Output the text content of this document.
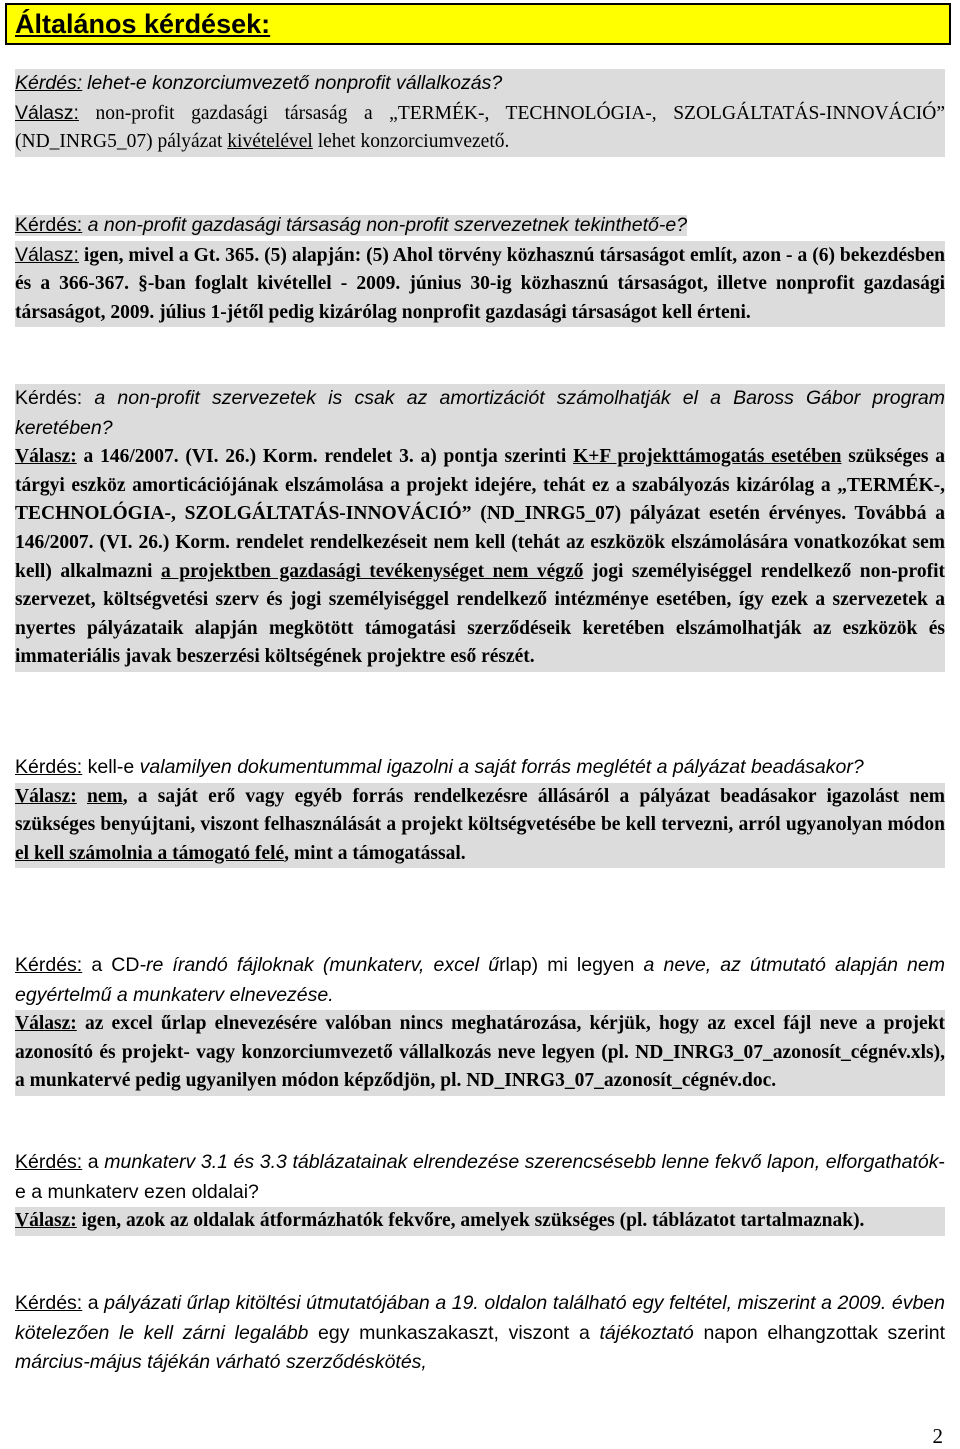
Általános kérdések:
Kérdés: lehet-e konzorciumvezető nonprofit vállalkozás?
Válasz: non-profit gazdasági társaság a „TERMÉK-, TECHNOLÓGIA-, SZOLGÁLTATÁS-INNOVÁCIÓ” (ND_INRG5_07) pályázat kivételével lehet konzorciumvezető.
Kérdés: a non-profit gazdasági társaság non-profit szervezetnek tekinthető-e?
Válasz: igen, mivel a Gt. 365. (5) alapján: (5) Ahol törvény közhasznú társaságot említ, azon - a (6) bekezdésben és a 366-367. §-ban foglalt kivétellel - 2009. június 30-ig közhasznú társaságot, illetve nonprofit gazdasági társaságot, 2009. július 1-jétől pedig kizárólag nonprofit gazdasági társaságot kell érteni.
Kérdés: a non-profit szervezetek is csak az amortizációt számolhatják el a Baross Gábor program keretében?
Válasz: a 146/2007. (VI. 26.) Korm. rendelet 3. a) pontja szerinti K+F projekttámogatás esetében szükséges a tárgyi eszköz amorticációjának elszámolása a projekt idejére, tehát ez a szabályozás kizárólag a „TERMÉK-, TECHNOLÓGIA-, SZOLGÁLTATÁS-INNOVÁCIÓ” (ND_INRG5_07) pályázat esetén érvényes. Továbbá a 146/2007. (VI. 26.) Korm. rendelet rendelkezéseit nem kell (tehát az eszközök elszámolására vonatkozókat sem kell) alkalmazni a projektben gazdasági tevékenységet nem végző jogi személyiséggel rendelkező non-profit szervezet, költségvetési szerv és jogi személyiséggel rendelkező intézménye esetében, így ezek a szervezetek a nyertes pályázataik alapján megkötött támogatási szerződéseik keretében elszámolhatják az eszközök és immateriális javak beszerzési költségének projektre eső részét.
Kérdés: kell-e valamilyen dokumentummal igazolni a saját forrás meglétét a pályázat beadásakor?
Válasz: nem, a saját erő vagy egyéb forrás rendelkezésre állásáról a pályázat beadásakor igazolást nem szükséges benyújtani, viszont felhasználását a projekt költségvetésébe be kell tervezni, arról ugyanolyan módon el kell számolnia a támogató felé, mint a támogatással.
Kérdés: a CD-re írandó fájloknak (munkaterv, excel űrlap) mi legyen a neve, az útmutató alapján nem egyértelmű a munkaterv elnevezése.
Válasz: az excel űrlap elnevezésére valóban nincs meghatározása, kérjük, hogy az excel fájl neve a projekt azonosító és projekt- vagy konzorciumvezető vállalkozás neve legyen (pl. ND_INRG3_07_azonosít_cégnév.xls), a munkatervé pedig ugyanilyen módon képződjön, pl. ND_INRG3_07_azonosít_cégnév.doc.
Kérdés: a munkaterv 3.1 és 3.3 táblázatainak elrendezése szerencsésebb lenne fekvő lapon, elforgathatók-e a munkaterv ezen oldalai?
Válasz: igen, azok az oldalak átformázhatók fekvőre, amelyek szükséges (pl. táblázatot tartalmaznak).
Kérdés: a pályázati űrlap kitöltési útmutatójában a 19. oldalon található egy feltétel, miszerint a 2009. évben kötelezően le kell zárni legalább egy munkaszakaszt, viszont a tájékoztató napon elhangzottak szerint március-május tájékán várható szerződéskötés,
2
